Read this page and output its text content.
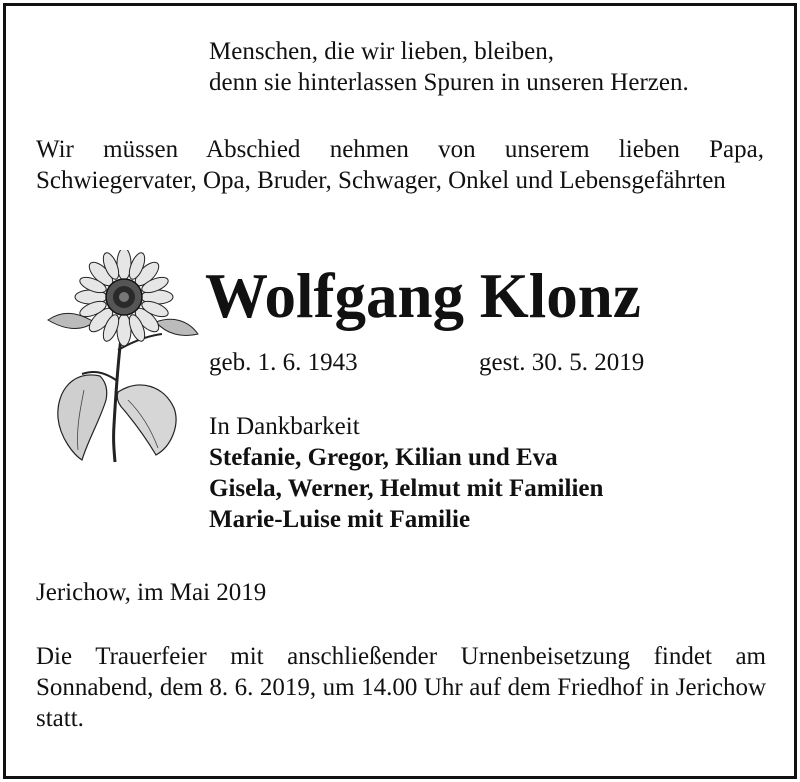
Menschen, die wir lieben, bleiben,
denn sie hinterlassen Spuren in unseren Herzen.

Wir müssen Abschied nehmen von unserem lieben Papa, Schwiegervater, Opa, Bruder, Schwager, Onkel und Lebensgefährten

Wolfgang Klonz
geb. 1. 6. 1943	gest. 30. 5. 2019
In Dankbarkeit
Stefanie, Gregor, Kilian und Eva
Gisela, Werner, Helmut mit Familien
Marie-Luise mit Familie
Jerichow, im Mai 2019
Die Trauerfeier mit anschließender Urnenbeisetzung findet am Sonnabend, dem 8. 6. 2019, um 14.00 Uhr auf dem Friedhof in Jerichow statt.
